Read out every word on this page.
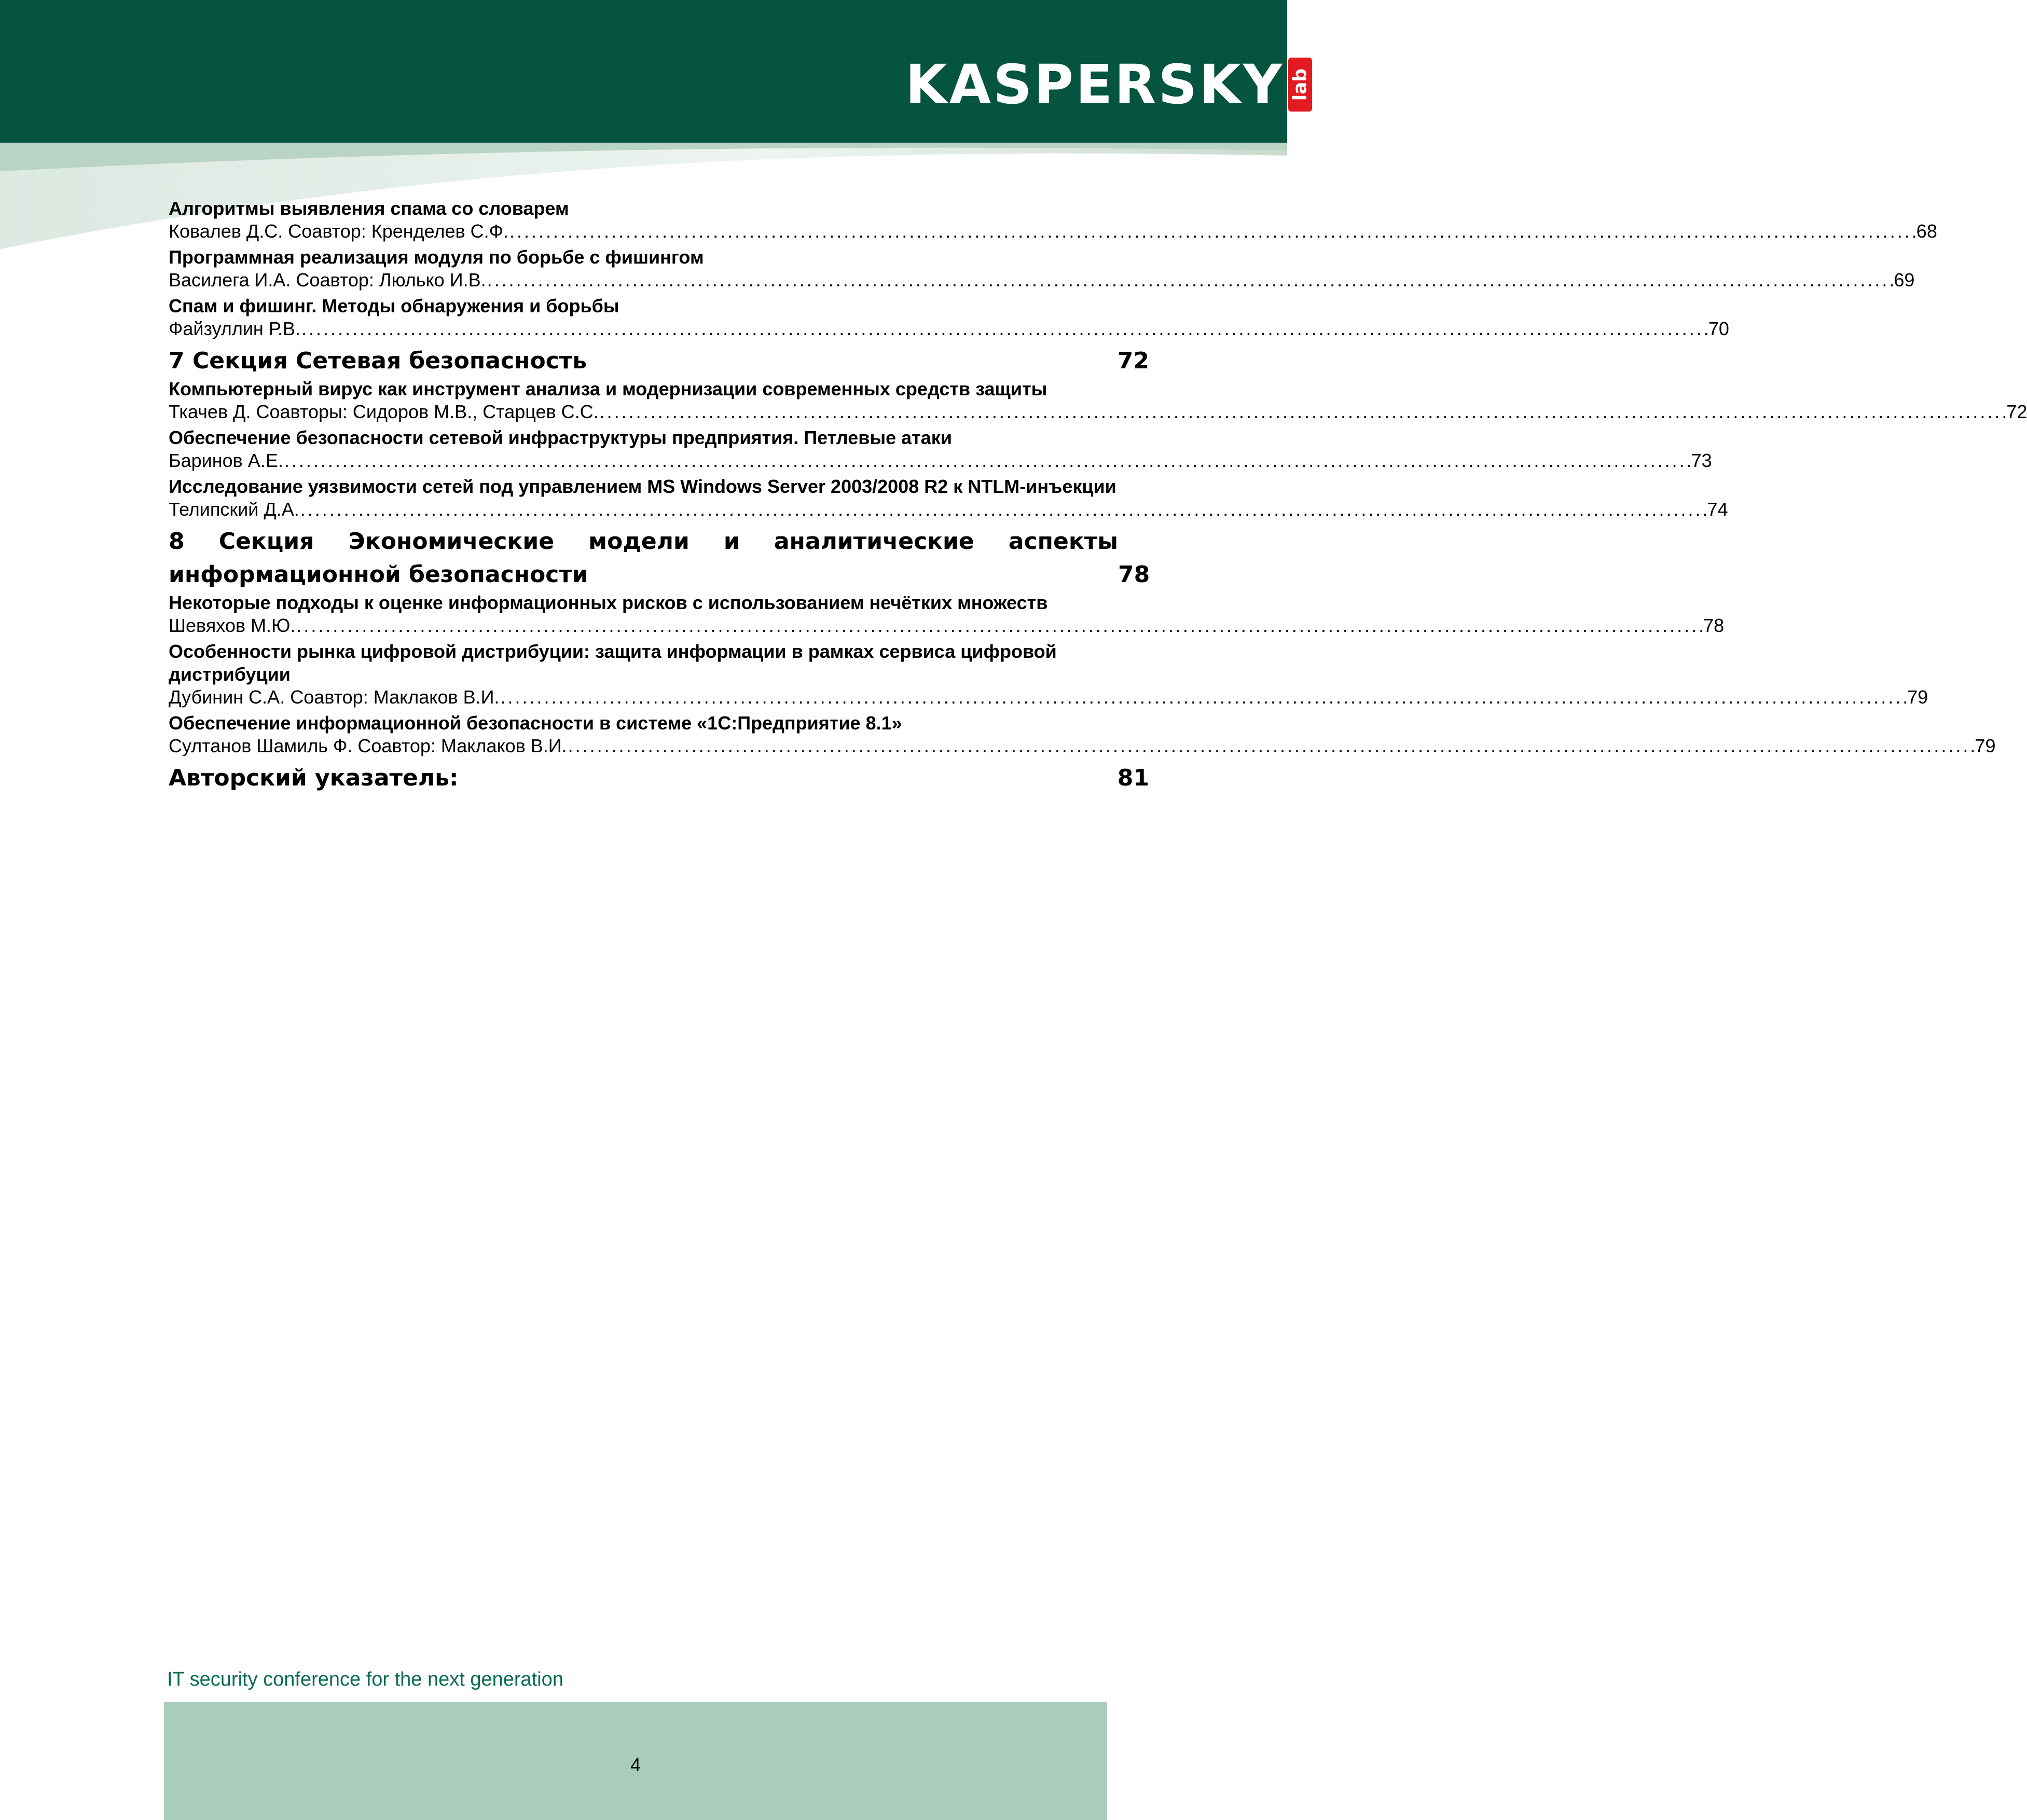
KASPERSKY lab
Алгоритмы выявления спама со словарем
Ковалев Д.С. Соавтор: Кренделев С.Ф. . . .	68
Программная реализация модуля по борьбе с фишингом
Василега И.А. Соавтор: Люлько И.В. . . .	69
Спам и фишинг. Методы обнаружения и борьбы
Файзуллин Р.В. . . .	70
7 Секция Сетевая безопасность	72
Компьютерный вирус как инструмент анализа и модернизации современных средств защиты
Ткачев Д. Соавторы: Сидоров М.В., Старцев С.С. . . .	72
Обеспечение безопасности сетевой инфраструктуры предприятия. Петлевые атаки
Баринов А.Е. . . .	73
Исследование уязвимости сетей под управлением MS Windows Server 2003/2008 R2 к NTLM-инъекции
Телипский Д.А. . . .	74
8 Секция Экономические модели и аналитические аспекты информационной безопасности	78
Некоторые подходы к оценке информационных рисков с использованием нечётких множеств
Шевяхов М.Ю. . . .	78
Особенности рынка цифровой дистрибуции: защита информации в рамках сервиса цифровой дистрибуции
Дубинин С.А. Соавтор: Маклаков В.И. . . .	79
Обеспечение информационной безопасности в системе «1С:Предприятие 8.1»
Султанов Шамиль Ф. Соавтор: Маклаков В.И. . . .	79
Авторский указатель:	81
IT security conference for the next generation
4
